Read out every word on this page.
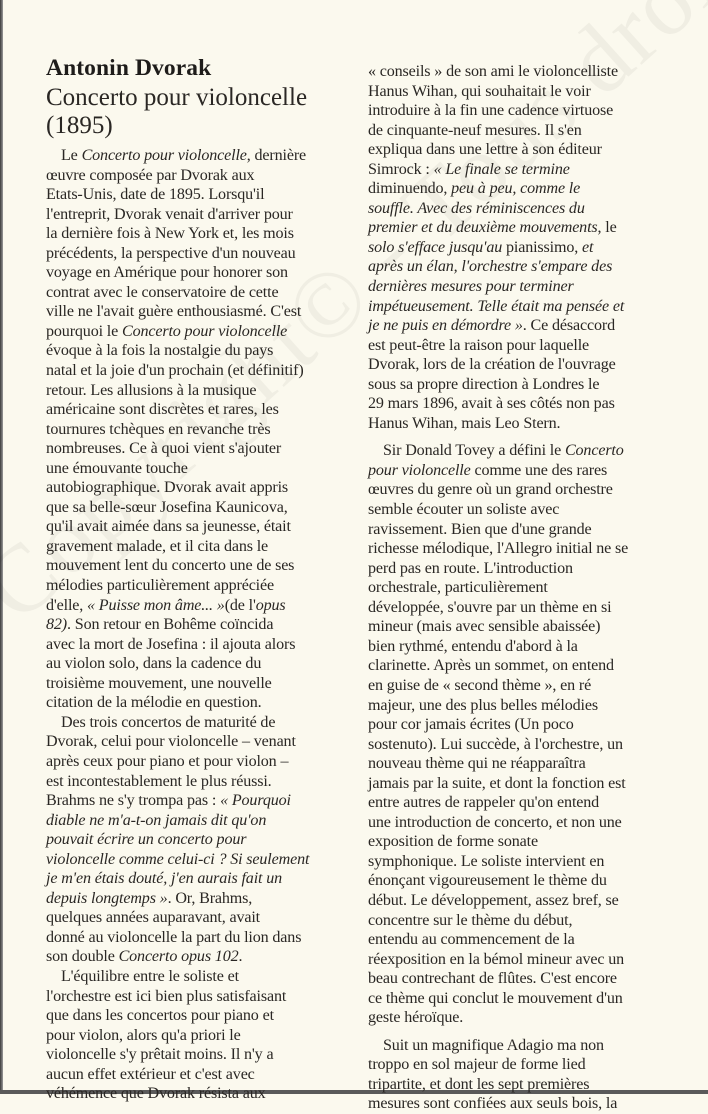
Antonin Dvorak
Concerto pour violoncelle
(1895)
Le Concerto pour violoncelle, dernière
œuvre composée par Dvorak aux
Etats-Unis, date de 1895. Lorsqu'il
l'entreprit, Dvorak venait d'arriver pour
la dernière fois à New York et, les mois
précédents, la perspective d'un nouveau
voyage en Amérique pour honorer son
contrat avec le conservatoire de cette
ville ne l'avait guère enthousiasmé. C'est
pourquoi le Concerto pour violoncelle
évoque à la fois la nostalgie du pays
natal et la joie d'un prochain (et définitif)
retour. Les allusions à la musique
américaine sont discrètes et rares, les
tournures tchèques en revanche très
nombreuses. Ce à quoi vient s'ajouter
une émouvante touche
autobiographique. Dvorak avait appris
que sa belle-sœur Josefina Kaunicova,
qu'il avait aimée dans sa jeunesse, était
gravement malade, et il cita dans le
mouvement lent du concerto une de ses
mélodies particulièrement appréciée
d'elle, « Puisse mon âme... »(de l'opus
82). Son retour en Bohême coïncida
avec la mort de Josefina : il ajouta alors
au violon solo, dans la cadence du
troisième mouvement, une nouvelle
citation de la mélodie en question.
Des trois concertos de maturité de
Dvorak, celui pour violoncelle – venant
après ceux pour piano et pour violon –
est incontestablement le plus réussi.
Brahms ne s'y trompa pas : « Pourquoi
diable ne m'a-t-on jamais dit qu'on
pouvait écrire un concerto pour
violoncelle comme celui-ci ? Si seulement
je m'en étais douté, j'en aurais fait un
depuis longtemps ». Or, Brahms,
quelques années auparavant, avait
donné au violoncelle la part du lion dans
son double Concerto opus 102.
L'équilibre entre le soliste et
l'orchestre est ici bien plus satisfaisant
que dans les concertos pour piano et
pour violon, alors qu'a priori le
violoncelle s'y prêtait moins. Il n'y a
aucun effet extérieur et c'est avec
véhémence que Dvorak résista aux
« conseils » de son ami le violoncelliste
Hanus Wihan, qui souhaitait le voir
introduire à la fin une cadence virtuose
de cinquante-neuf mesures. Il s'en
expliqua dans une lettre à son éditeur
Simrock : « Le finale se termine
diminuendo, peu à peu, comme le
souffle. Avec des réminiscences du
premier et du deuxième mouvements, le
solo s'efface jusqu'au pianissimo, et
après un élan, l'orchestre s'empare des
dernières mesures pour terminer
impétueusement. Telle était ma pensée et
je ne puis en démordre ». Ce désaccord
est peut-être la raison pour laquelle
Dvorak, lors de la création de l'ouvrage
sous sa propre direction à Londres le
29 mars 1896, avait à ses côtés non pas
Hanus Wihan, mais Leo Stern.
Sir Donald Tovey a défini le Concerto
pour violoncelle comme une des rares
œuvres du genre où un grand orchestre
semble écouter un soliste avec
ravissement. Bien que d'une grande
richesse mélodique, l'Allegro initial ne se
perd pas en route. L'introduction
orchestrale, particulièrement
développée, s'ouvre par un thème en si
mineur (mais avec sensible abaissée)
bien rythmé, entendu d'abord à la
clarinette. Après un sommet, on entend
en guise de « second thème », en ré
majeur, une des plus belles mélodies
pour cor jamais écrites (Un poco
sostenuto). Lui succède, à l'orchestre, un
nouveau thème qui ne réapparaîtra
jamais par la suite, et dont la fonction est
entre autres de rappeler qu'on entend
une introduction de concerto, et non une
exposition de forme sonate
symphonique. Le soliste intervient en
énonçant vigoureusement le thème du
début. Le développement, assez bref, se
concentre sur le thème du début,
entendu au commencement de la
réexposition en la bémol mineur avec un
beau contrechant de flûtes. C'est encore
ce thème qui conclut le mouvement d'un
geste héroïque.
Suit un magnifique Adagio ma non
troppo en sol majeur de forme lied
tripartite, et dont les sept premières
mesures sont confiées aux seuls bois, la
